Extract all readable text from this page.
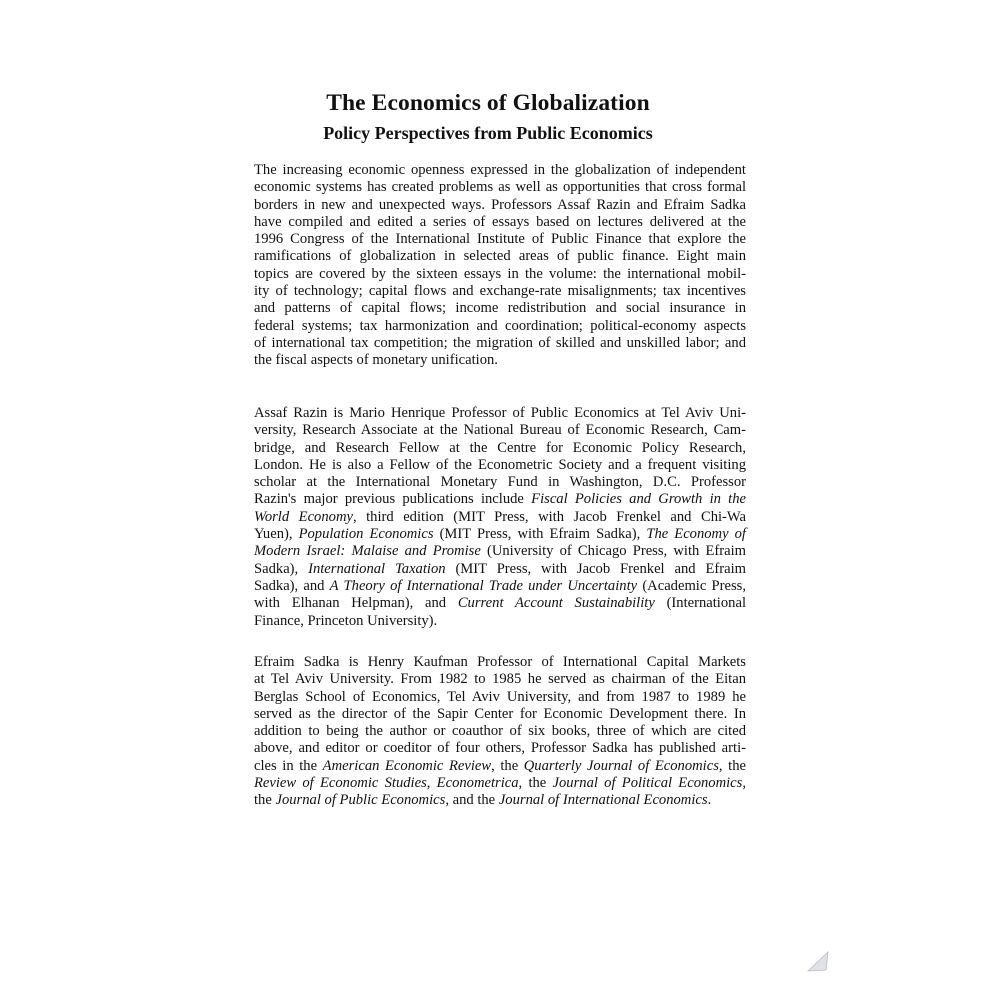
The Economics of Globalization
Policy Perspectives from Public Economics
The increasing economic openness expressed in the globalization of independent
economic systems has created problems as well as opportunities that cross formal
borders in new and unexpected ways. Professors Assaf Razin and Efraim Sadka
have compiled and edited a series of essays based on lectures delivered at the
1996 Congress of the International Institute of Public Finance that explore the
ramifications of globalization in selected areas of public finance. Eight main
topics are covered by the sixteen essays in the volume: the international mobil-
ity of technology; capital flows and exchange-rate misalignments; tax incentives
and patterns of capital flows; income redistribution and social insurance in
federal systems; tax harmonization and coordination; political-economy aspects
of international tax competition; the migration of skilled and unskilled labor; and
the fiscal aspects of monetary unification.
Assaf Razin is Mario Henrique Professor of Public Economics at Tel Aviv Uni-
versity, Research Associate at the National Bureau of Economic Research, Cam-
bridge, and Research Fellow at the Centre for Economic Policy Research,
London. He is also a Fellow of the Econometric Society and a frequent visiting
scholar at the International Monetary Fund in Washington, D.C. Professor
Razin's major previous publications include Fiscal Policies and Growth in the
World Economy, third edition (MIT Press, with Jacob Frenkel and Chi-Wa
Yuen), Population Economics (MIT Press, with Efraim Sadka), The Economy of
Modern Israel: Malaise and Promise (University of Chicago Press, with Efraim
Sadka), International Taxation (MIT Press, with Jacob Frenkel and Efraim
Sadka), and A Theory of International Trade under Uncertainty (Academic Press,
with Elhanan Helpman), and Current Account Sustainability (International
Finance, Princeton University).
Efraim Sadka is Henry Kaufman Professor of International Capital Markets
at Tel Aviv University. From 1982 to 1985 he served as chairman of the Eitan
Berglas School of Economics, Tel Aviv University, and from 1987 to 1989 he
served as the director of the Sapir Center for Economic Development there. In
addition to being the author or coauthor of six books, three of which are cited
above, and editor or coeditor of four others, Professor Sadka has published arti-
cles in the American Economic Review, the Quarterly Journal of Economics, the
Review of Economic Studies, Econometrica, the Journal of Political Economics,
the Journal of Public Economics, and the Journal of International Economics.
